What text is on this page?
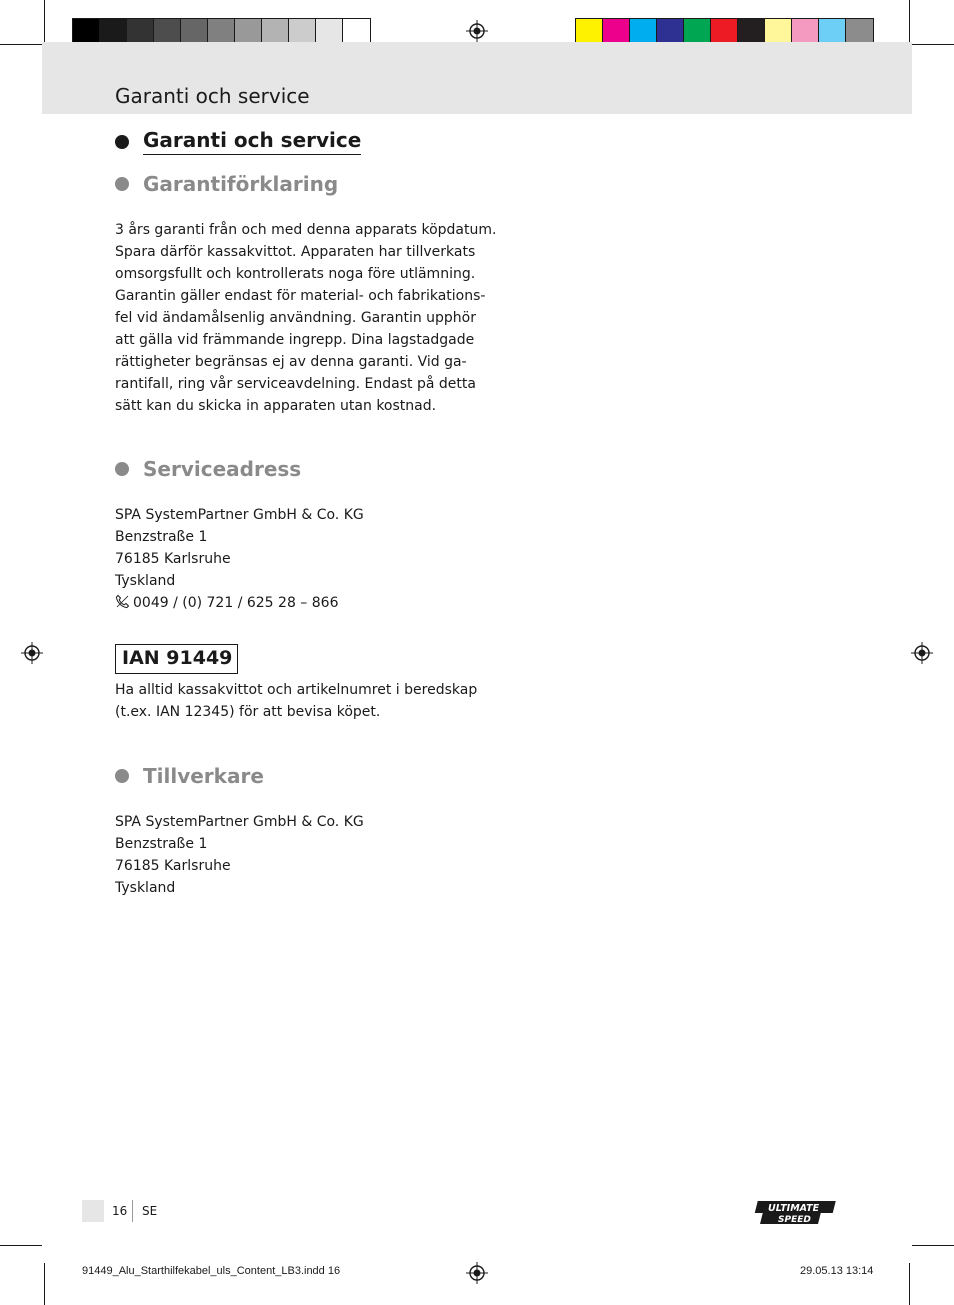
Garanti och service
Garanti och service
Garantiförklaring
3 års garanti från och med denna apparats köpdatum.
Spara därför kassakvittot. Apparaten har tillverkats
omsorgsfullt och kontrollerats noga före utlämning.
Garantin gäller endast för material- och fabrikations-
fel vid ändamålsenlig användning. Garantin upphör
att gälla vid främmande ingrepp. Dina lagstadgade
rättigheter begränsas ej av denna garanti. Vid ga-
rantifall, ring vår serviceavdelning. Endast på detta
sätt kan du skicka in apparaten utan kostnad.
Serviceadress
SPA SystemPartner GmbH & Co. KG
Benzstraße 1
76185 Karlsruhe
Tyskland
0049 / (0) 721 / 625 28 – 866
IAN 91449
Ha alltid kassakvittot och artikelnumret i beredskap
(t.ex. IAN 12345) för att bevisa köpet.
Tillverkare
SPA SystemPartner GmbH & Co. KG
Benzstraße 1
76185 Karlsruhe
Tyskland
16 SE	ULTIMATE
SPEED
91449_Alu_Starthilfekabel_uls_Content_LB3.indd 16	29.05.13 13:14
